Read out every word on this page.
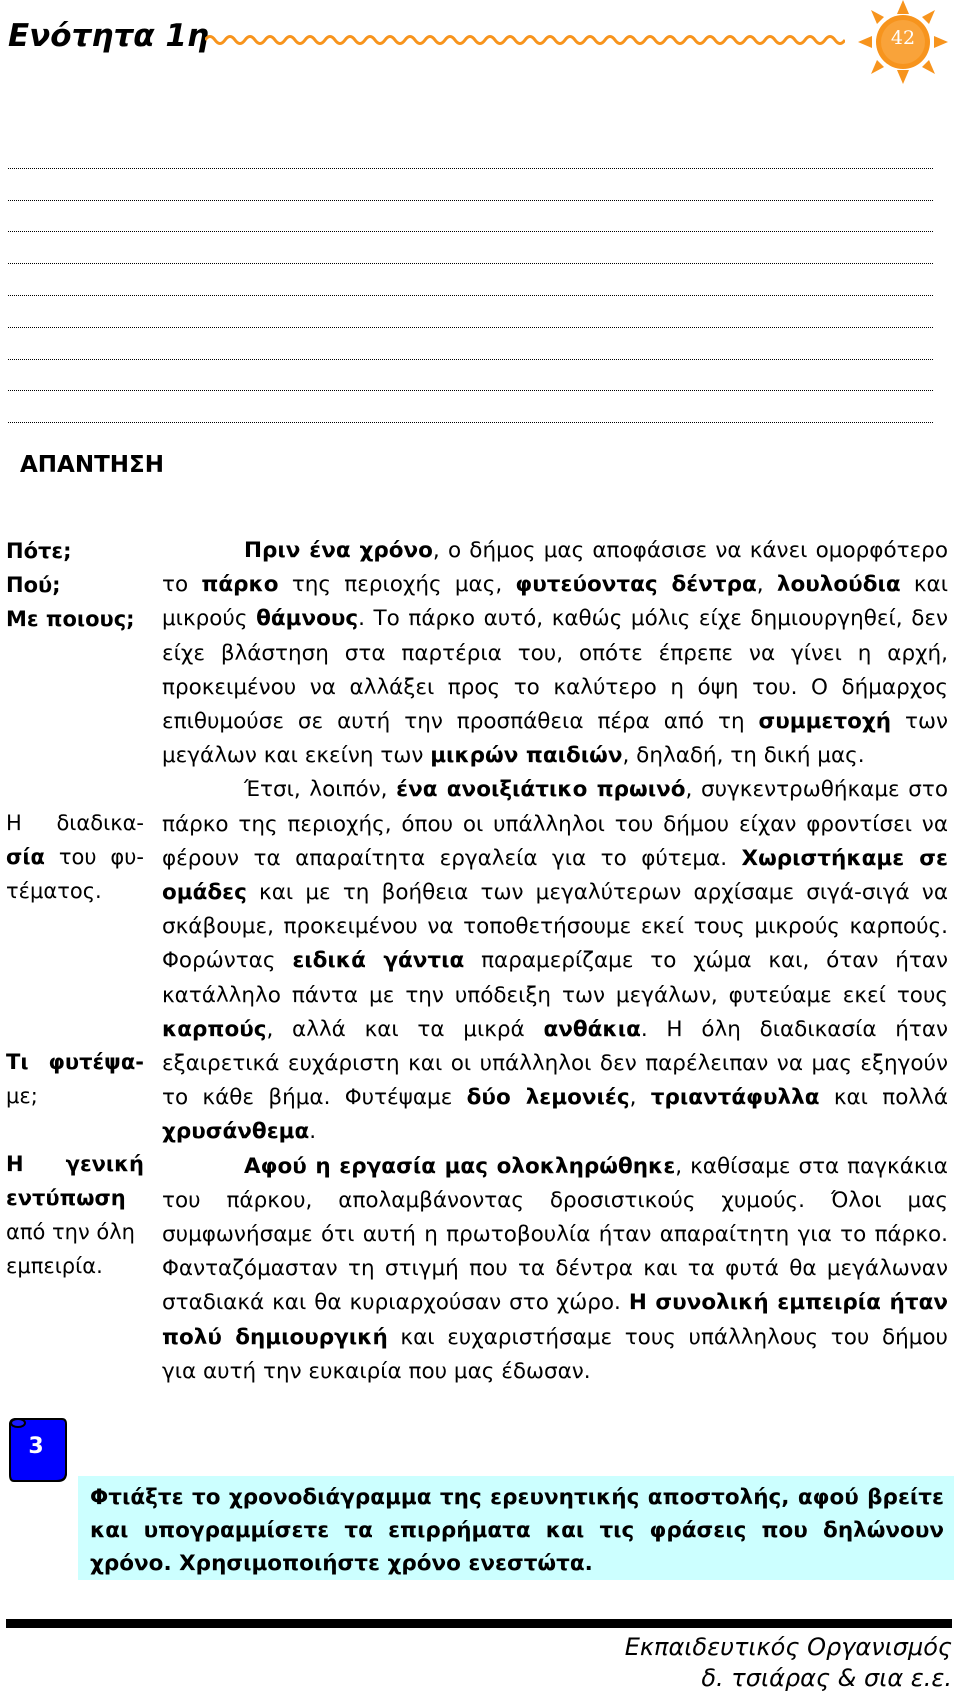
Ενότητα 1η	42
ΑΠΑΝΤΗΣΗ
Πότε;
Πού;
Με ποιους;
Η διαδικα-
σία του φυ-
τέματος.
Τι φυτέψα-
με;
Η γενική
εντύπωση
από την όλη
εμπειρία.

Πριν ένα χρόνο, ο δήμος μας αποφάσισε να κάνει ομορφότερο το πάρκο της περιοχής μας, φυτεύοντας δέντρα, λουλούδια και μικρούς θάμνους. Το πάρκο αυτό, καθώς μόλις είχε δημιουργηθεί, δεν είχε βλάστηση στα παρτέρια του, οπότε έπρεπε να γίνει η αρχή, προκειμένου να αλλάξει προς το καλύτερο η όψη του. Ο δήμαρχος επιθυμούσε σε αυτή την προσπάθεια πέρα από τη συμμετοχή των μεγάλων και εκείνη των μικρών παιδιών, δηλαδή, τη δική μας.

Έτσι, λοιπόν, ένα ανοιξιάτικο πρωινό, συγκεντρωθήκαμε στο πάρκο της περιοχής, όπου οι υπάλληλοι του δήμου είχαν φροντίσει να φέρουν τα απαραίτητα εργαλεία για το φύτεμα. Χωριστήκαμε σε ομάδες και με τη βοήθεια των μεγαλύτερων αρχίσαμε σιγά-σιγά να σκάβουμε, προκειμένου να τοποθετήσουμε εκεί τους μικρούς καρπούς. Φορώντας ειδικά γάντια παραμερίζαμε το χώμα και, όταν ήταν κατάλληλο πάντα με την υπόδειξη των μεγάλων, φυτεύαμε εκεί τους καρπούς, αλλά και τα μικρά ανθάκια. Η όλη διαδικασία ήταν εξαιρετικά ευχάριστη και οι υπάλληλοι δεν παρέλειπαν να μας εξηγούν το κάθε βήμα. Φυτέψαμε δύο λεμονιές, τριαντάφυλλα και πολλά χρυσάνθεμα.

Αφού η εργασία μας ολοκληρώθηκε, καθίσαμε στα παγκάκια του πάρκου, απολαμβάνοντας δροσιστικούς χυμούς. Όλοι μας συμφωνήσαμε ότι αυτή η πρωτοβουλία ήταν απαραίτητη για το πάρκο. Φανταζόμασταν τη στιγμή που τα δέντρα και τα φυτά θα μεγάλωναν σταδιακά και θα κυριαρχούσαν στο χώρο. Η συνολική εμπειρία ήταν πολύ δημιουργική και ευχαριστήσαμε τους υπάλληλους του δήμου για αυτή την ευκαιρία που μας έδωσαν.

3
Φτιάξτε το χρονοδιάγραμμα της ερευνητικής αποστολής, αφού βρείτε και υπογραμμίσετε τα επιρρήματα και τις φράσεις που δηλώνουν χρόνο. Χρησιμοποιήστε χρόνο ενεστώτα.
Εκπαιδευτικός Οργανισμός
δ. τσιάρας & σια ε.ε.
